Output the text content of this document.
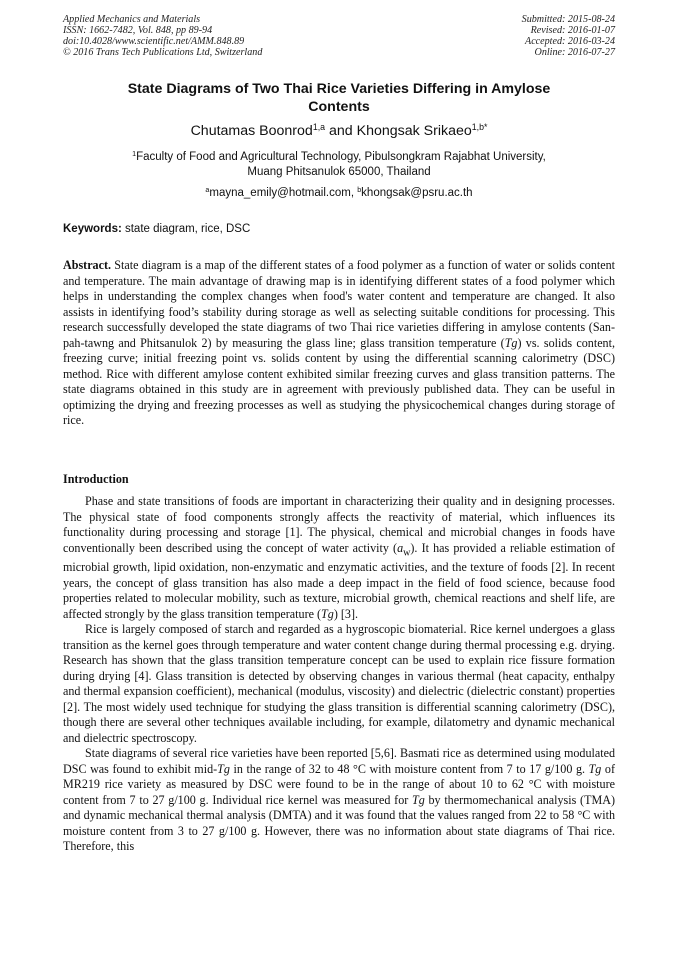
Applied Mechanics and Materials
ISSN: 1662-7482, Vol. 848, pp 89-94
doi:10.4028/www.scientific.net/AMM.848.89
© 2016 Trans Tech Publications Ltd, Switzerland
Submitted: 2015-08-24
Revised: 2016-01-07
Accepted: 2016-03-24
Online: 2016-07-27
State Diagrams of Two Thai Rice Varieties Differing in Amylose
Contents
Chutamas Boonrod$^{1,a}$ and Khongsak Srikaeo$^{1,b*}$
$^1$Faculty of Food and Agricultural Technology, Pibulsongkram Rajabhat University,
Muang Phitsanulok 65000, Thailand
$^a$mayna_emily@hotmail.com, $^b$khongsak@psru.ac.th
Keywords: state diagram, rice, DSC

Abstract. State diagram is a map of the different states of a food polymer as a function of water or solids content and temperature. The main advantage of drawing map is in identifying different states of a food polymer which helps in understanding the complex changes when food's water content and temperature are changed. It also assists in identifying food’s stability during storage as well as selecting suitable conditions for processing. This research successfully developed the state diagrams of two Thai rice varieties differing in amylose contents (San-pah-tawng and Phitsanulok 2) by measuring the glass line; glass transition temperature (Tg) vs. solids content, freezing curve; initial freezing point vs. solids content by using the differential scanning calorimetry (DSC) method. Rice with different amylose content exhibited similar freezing curves and glass transition patterns. The state diagrams obtained in this study are in agreement with previously published data. They can be useful in optimizing the drying and freezing processes as well as studying the physicochemical changes during storage of rice.

Introduction

Phase and state transitions of foods are important in characterizing their quality and in designing processes. The physical state of food components strongly affects the reactivity of material, which influences its functionality during processing and storage [1]. The physical, chemical and microbial changes in foods have conventionally been described using the concept of water activity $(a_w)$. It has provided a reliable estimation of microbial growth, lipid oxidation, non-enzymatic and enzymatic activities, and the texture of foods [2]. In recent years, the concept of glass transition has also made a deep impact in the field of food science, because food properties related to molecular mobility, such as texture, microbial growth, chemical reactions and shelf life, are affected strongly by the glass transition temperature (Tg) [3].

Rice is largely composed of starch and regarded as a hygroscopic biomaterial. Rice kernel undergoes a glass transition as the kernel goes through temperature and water content change during thermal processing e.g. drying. Research has shown that the glass transition temperature concept can be used to explain rice fissure formation during drying [4]. Glass transition is detected by observing changes in various thermal (heat capacity, enthalpy and thermal expansion coefficient), mechanical (modulus, viscosity) and dielectric (dielectric constant) properties [2]. The most widely used technique for studying the glass transition is differential scanning calorimetry (DSC), though there are several other techniques available including, for example, dilatometry and dynamic mechanical and dielectric spectroscopy.

State diagrams of several rice varieties have been reported [5,6]. Basmati rice as determined using modulated DSC was found to exhibit mid-Tg in the range of 32 to 48 °C with moisture content from 7 to 17 g/100 g. Tg of MR219 rice variety as measured by DSC were found to be in the range of about 10 to 62 °C with moisture content from 7 to 27 g/100 g. Individual rice kernel was measured for Tg by thermomechanical analysis (TMA) and dynamic mechanical thermal analysis (DMTA) and it was found that the values ranged from 22 to 58 °C with moisture content from 3 to 27 g/100 g. However, there was no information about state diagrams of Thai rice. Therefore, this
